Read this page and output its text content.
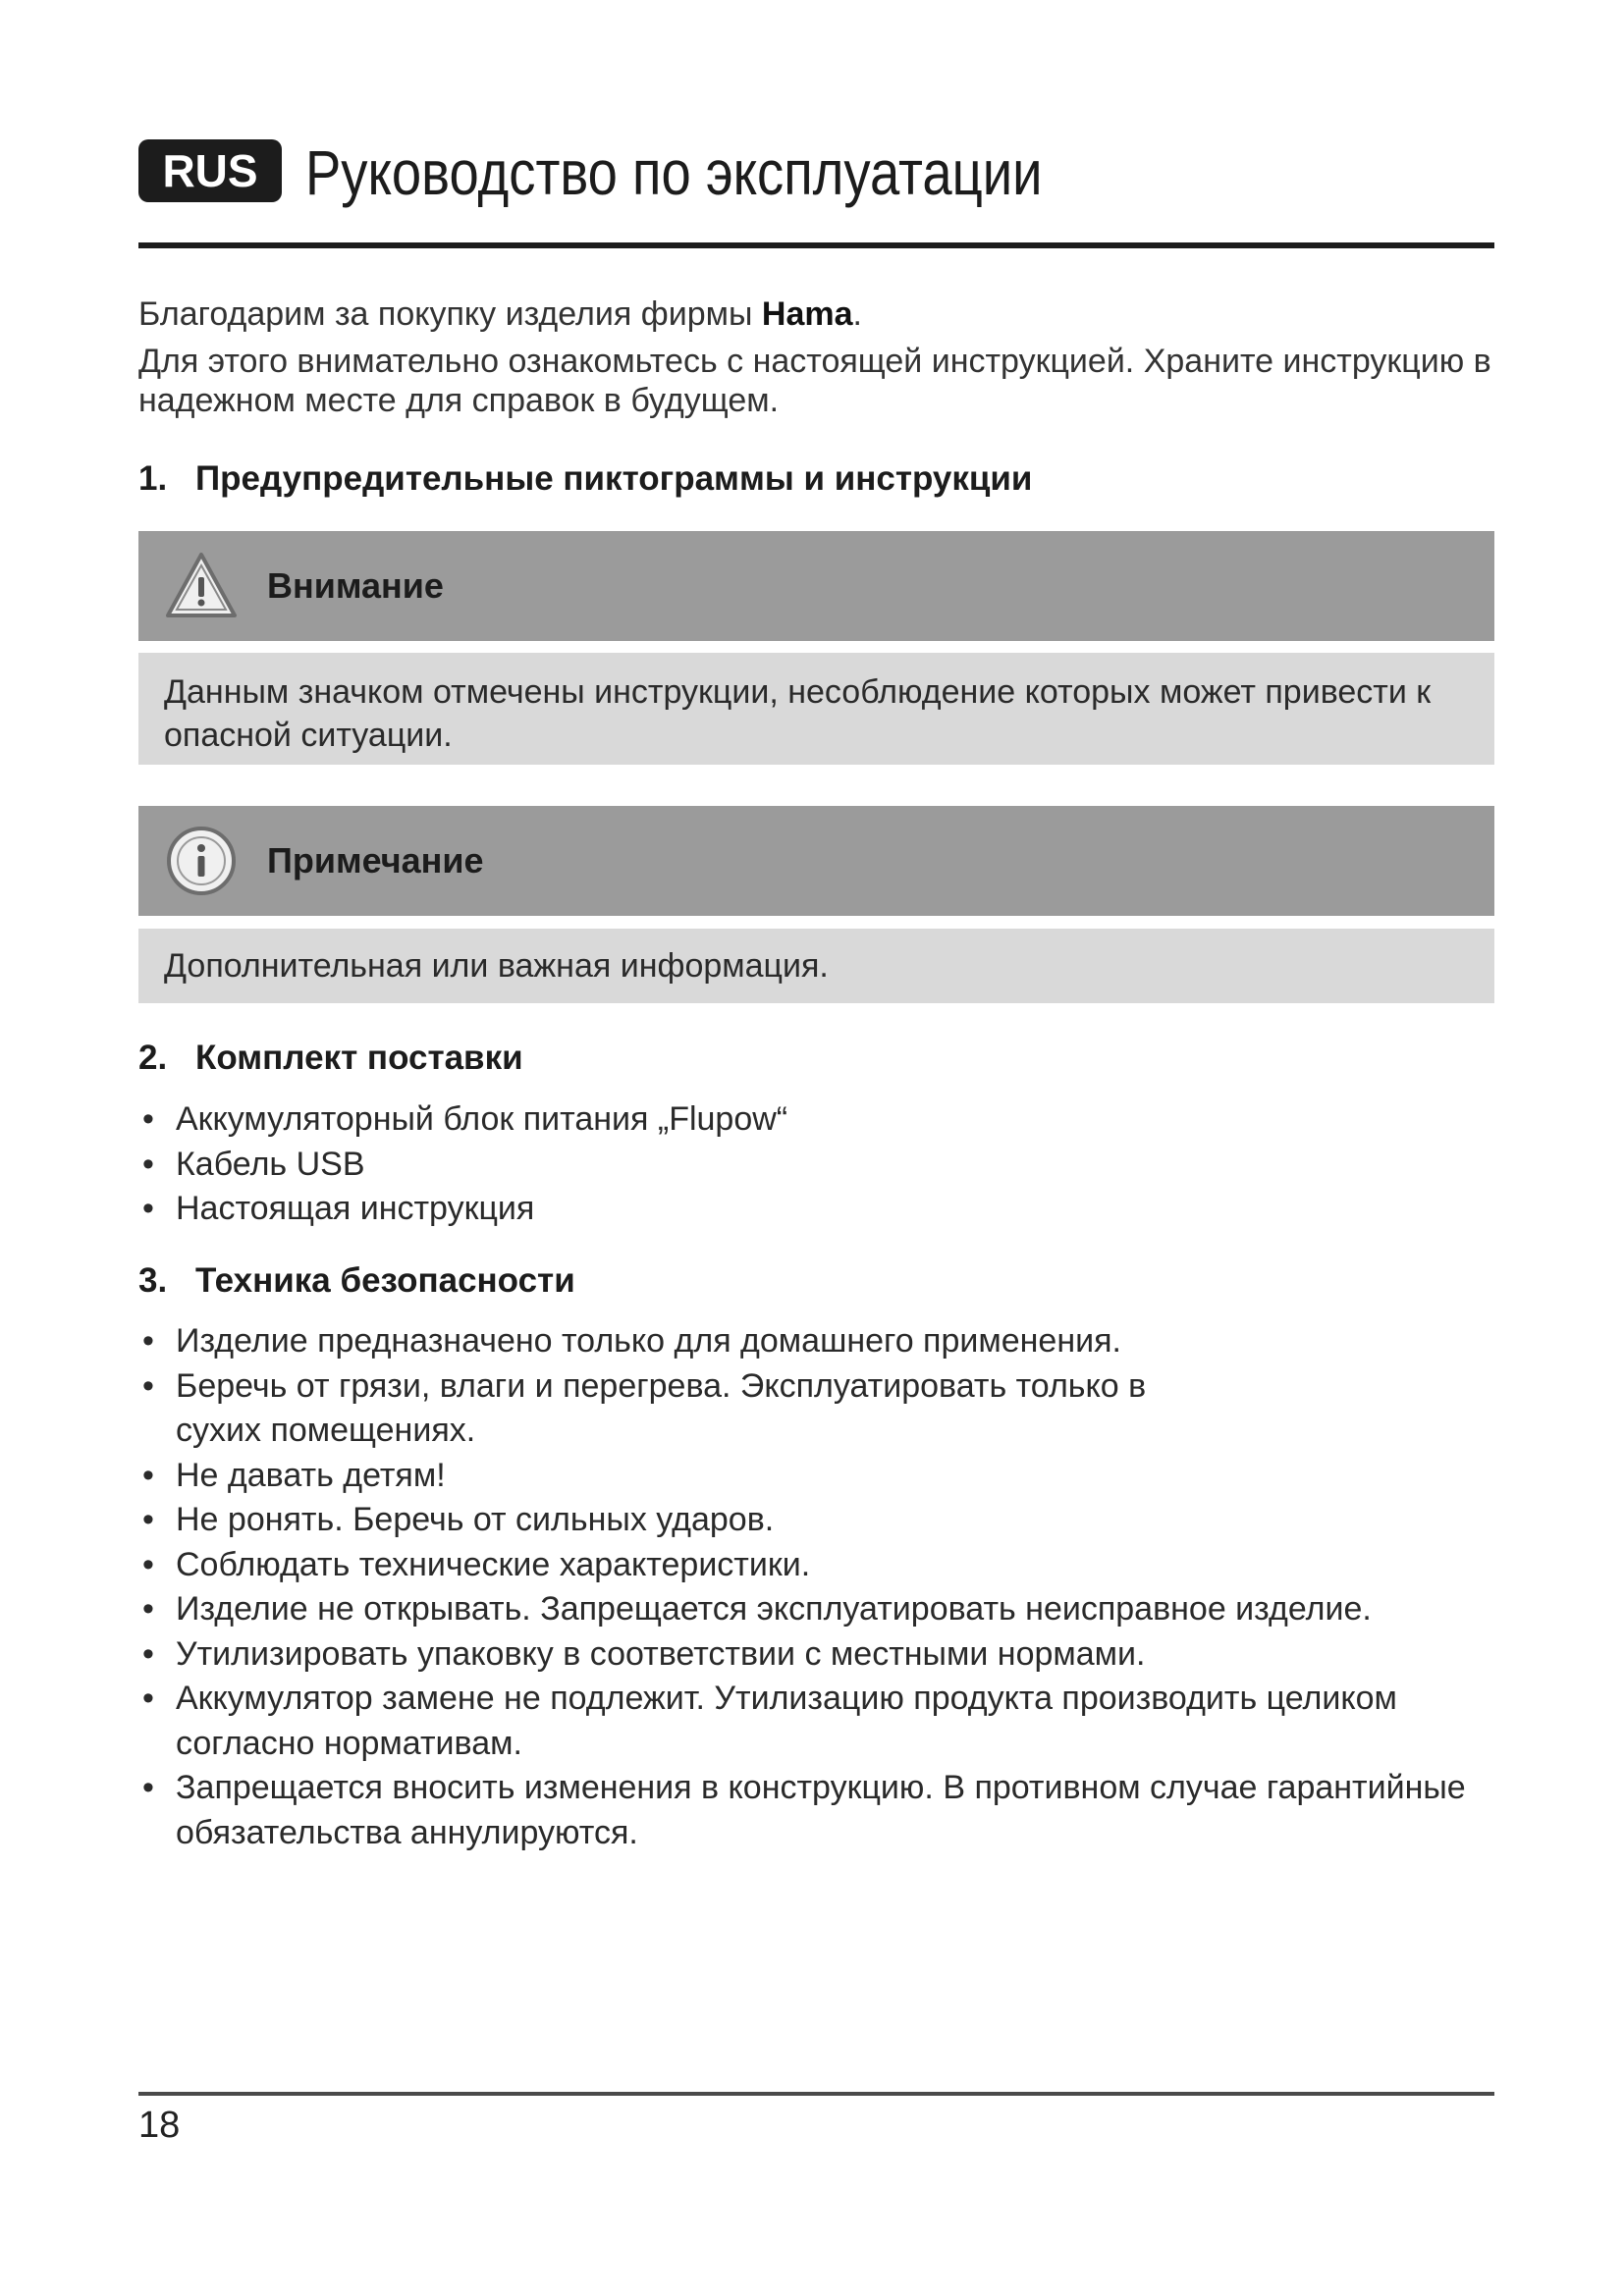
RUS Руководство по эксплуатации

Благодарим за покупку изделия фирмы Hama.

Для этого внимательно ознакомьтесь с настоящей инструкцией. Храните инструкцию в надежном месте для справок в будущем.

1. Предупредительные пиктограммы и инструкции
Внимание
Данным значком отмечены инструкции, несоблюдение которых может привести к опасной ситуации.
Примечание
Дополнительная или важная информация.
2. Комплект поставки
• Аккумуляторный блок питания „Flupow“
• Кабель USB
• Настоящая инструкция
3. Техника безопасности
• Изделие предназначено только для домашнего применения.
• Беречь от грязи, влаги и перегрева. Эксплуатировать только в сухих помещениях.
• Не давать детям!
• Не ронять. Беречь от сильных ударов.
• Соблюдать технические характеристики.
• Изделие не открывать. Запрещается эксплуатировать неисправное изделие.
• Утилизировать упаковку в соответствии с местными нормами.
• Аккумулятор замене не подлежит. Утилизацию продукта производить целиком согласно нормативам.
• Запрещается вносить изменения в конструкцию. В противном случае гарантийные обязательства аннулируются.
18
